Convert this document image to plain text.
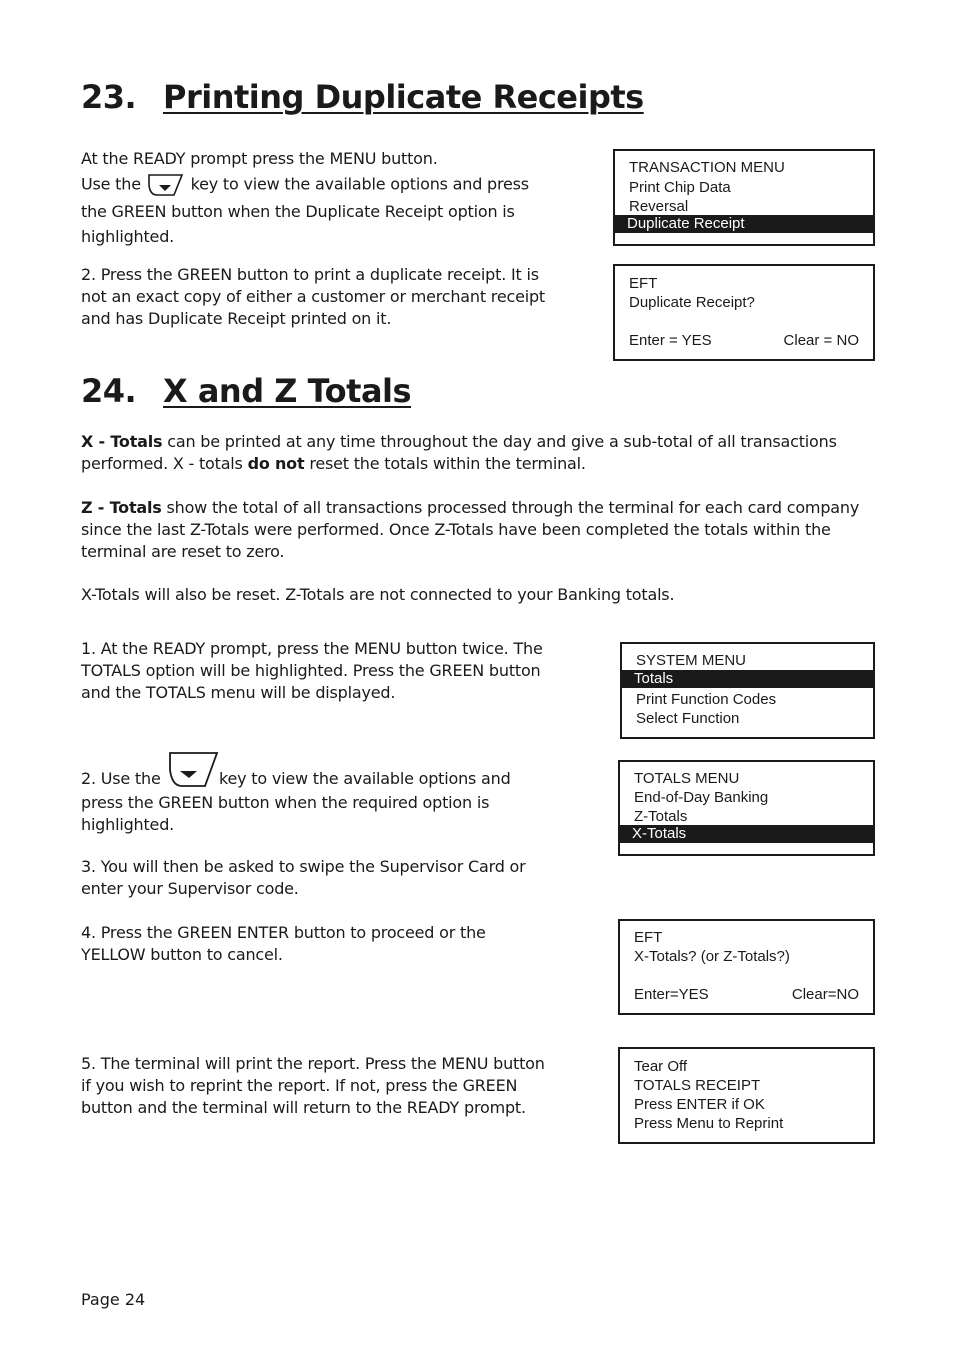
23. Printing Duplicate Receipts
At the READY prompt press the MENU button.
Use the	key to view the available options and press
the GREEN button when the Duplicate Receipt option is
highlighted.
2. Press the GREEN button to print a duplicate receipt. It is not an exact copy of either a customer or merchant receipt and has Duplicate Receipt printed on it.
TRANSACTION MENU
Print Chip Data
Reversal
Duplicate Receipt
EFT
Duplicate Receipt?
Enter = YES	Clear = NO
24. X and Z Totals
X - Totals can be printed at any time throughout the day and give a sub-total of all transactions performed. X - totals do not reset the totals within the terminal.
Z - Totals show the total of all transactions processed through the terminal for each card company since the last Z-Totals were performed. Once Z-Totals have been completed the totals within the terminal are reset to zero.
X-Totals will also be reset. Z-Totals are not connected to your Banking totals.
1. At the READY prompt, press the MENU button twice. The TOTALS option will be highlighted. Press the GREEN button and the TOTALS menu will be displayed.
2. Use the	key to view the available options and
press the GREEN button when the required option is highlighted.
3. You will then be asked to swipe the Supervisor Card or enter your Supervisor code.
4. Press the GREEN ENTER button to proceed or the YELLOW button to cancel.
5. The terminal will print the report. Press the MENU button if you wish to reprint the report. If not, press the GREEN button and the terminal will return to the READY prompt.
SYSTEM MENU
Totals
Print Function Codes
Select Function
TOTALS MENU
End-of-Day Banking
Z-Totals
X-Totals
EFT
X-Totals? (or Z-Totals?)
Enter=YES	Clear=NO
Tear Off
TOTALS RECEIPT
Press ENTER if OK
Press Menu to Reprint
Page 24
